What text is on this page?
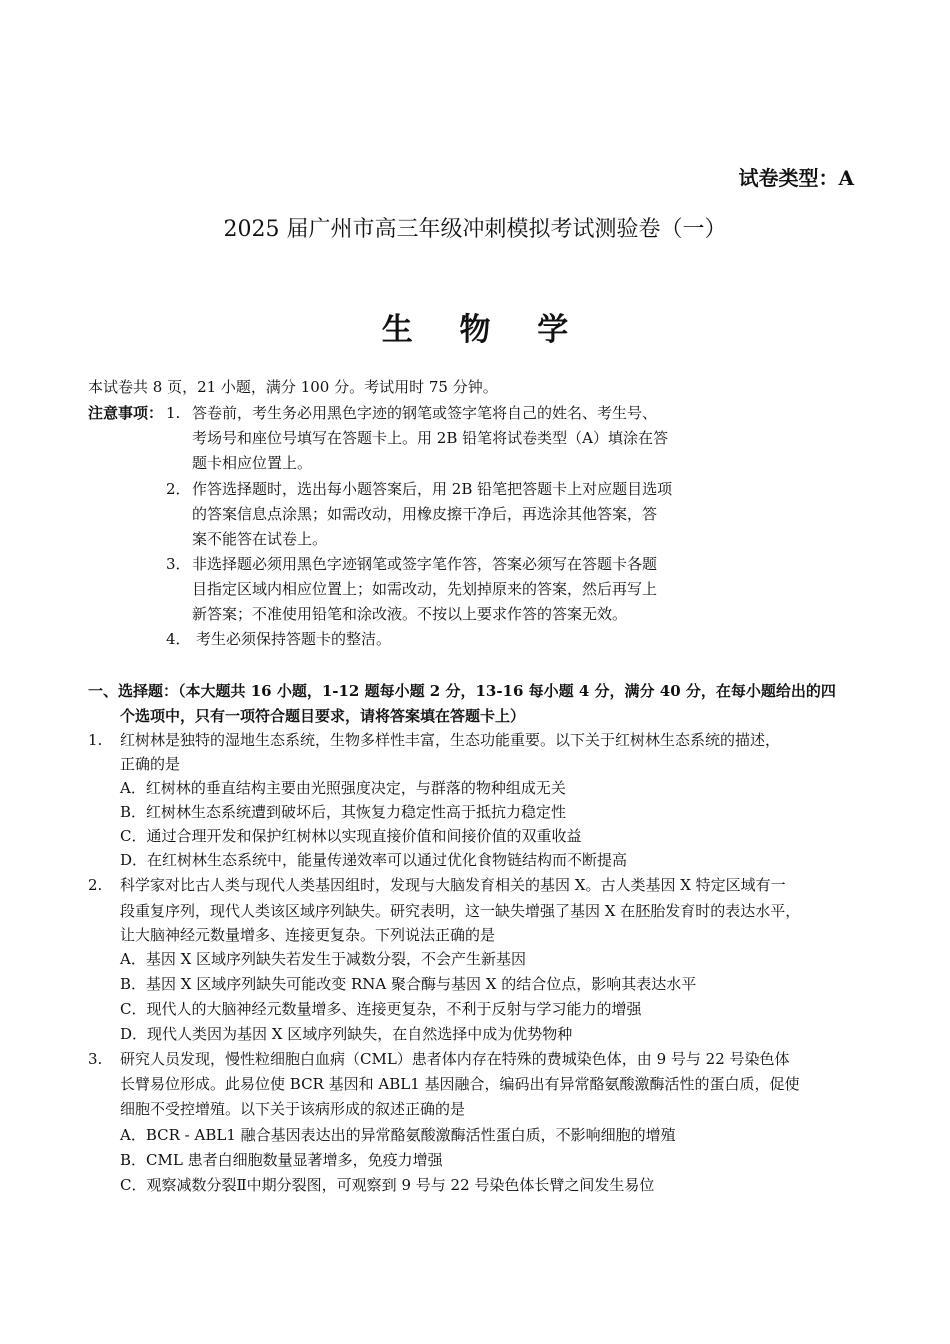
试卷类型：A
2025 届广州市高三年级冲刺模拟考试测验卷（一）
生 物 学
本试卷共 8 页，21 小题，满分 100 分。考试用时 75 分钟。
注意事项： 1. 答卷前，考生务必用黑色字迹的钢笔或签字笔将自己的姓名、考生号、
考场号和座位号填写在答题卡上。用 2B 铅笔将试卷类型（A）填涂在答
题卡相应位置上。
2． 作答选择题时，选出每小题答案后，用 2B 铅笔把答题卡上对应题目选项
的答案信息点涂黑；如需改动，用橡皮擦干净后，再选涂其他答案，答
案不能答在试卷上。
3． 非选择题必须用黑色字迹钢笔或签字笔作答，答案必须写在答题卡各题
目指定区域内相应位置上；如需改动，先划掉原来的答案，然后再写上
新答案；不准使用铅笔和涂改液。不按以上要求作答的答案无效。
4． 考生必须保持答题卡的整洁。
一、选择题：（本大题共 16 小题，1-12 题每小题 2 分，13-16 每小题 4 分，满分 40 分，在每小题给出的四
个选项中，只有一项符合题目要求，请将答案填在答题卡上）
1. 红树林是独特的湿地生态系统，生物多样性丰富，生态功能重要。以下关于红树林生态系统的描述，
正确的是
A．红树林的垂直结构主要由光照强度决定，与群落的物种组成无关
B．红树林生态系统遭到破坏后，其恢复力稳定性高于抵抗力稳定性
C．通过合理开发和保护红树林以实现直接价值和间接价值的双重收益
D．在红树林生态系统中，能量传递效率可以通过优化食物链结构而不断提高
2. 科学家对比古人类与现代人类基因组时，发现与大脑发育相关的基因 X。古人类基因 X 特定区域有一
段重复序列，现代人类该区域序列缺失。研究表明，这一缺失增强了基因 X 在胚胎发育时的表达水平，
让大脑神经元数量增多、连接更复杂。下列说法正确的是
A．基因 X 区域序列缺失若发生于减数分裂，不会产生新基因
B．基因 X 区域序列缺失可能改变 RNA 聚合酶与基因 X 的结合位点，影响其表达水平
C．现代人的大脑神经元数量增多、连接更复杂，不利于反射与学习能力的增强
D．现代人类因为基因 X 区域序列缺失，在自然选择中成为优势物种
3. 研究人员发现，慢性粒细胞白血病（CML）患者体内存在特殊的费城染色体，由 9 号与 22 号染色体
长臂易位形成。此易位使 BCR 基因和 ABL1 基因融合，编码出有异常酪氨酸激酶活性的蛋白质，促使
细胞不受控增殖。以下关于该病形成的叙述正确的是
A．BCR - ABL1 融合基因表达出的异常酪氨酸激酶活性蛋白质，不影响细胞的增殖
B．CML 患者白细胞数量显著增多，免疫力增强
C．观察减数分裂Ⅱ中期分裂图，可观察到 9 号与 22 号染色体长臂之间发生易位
